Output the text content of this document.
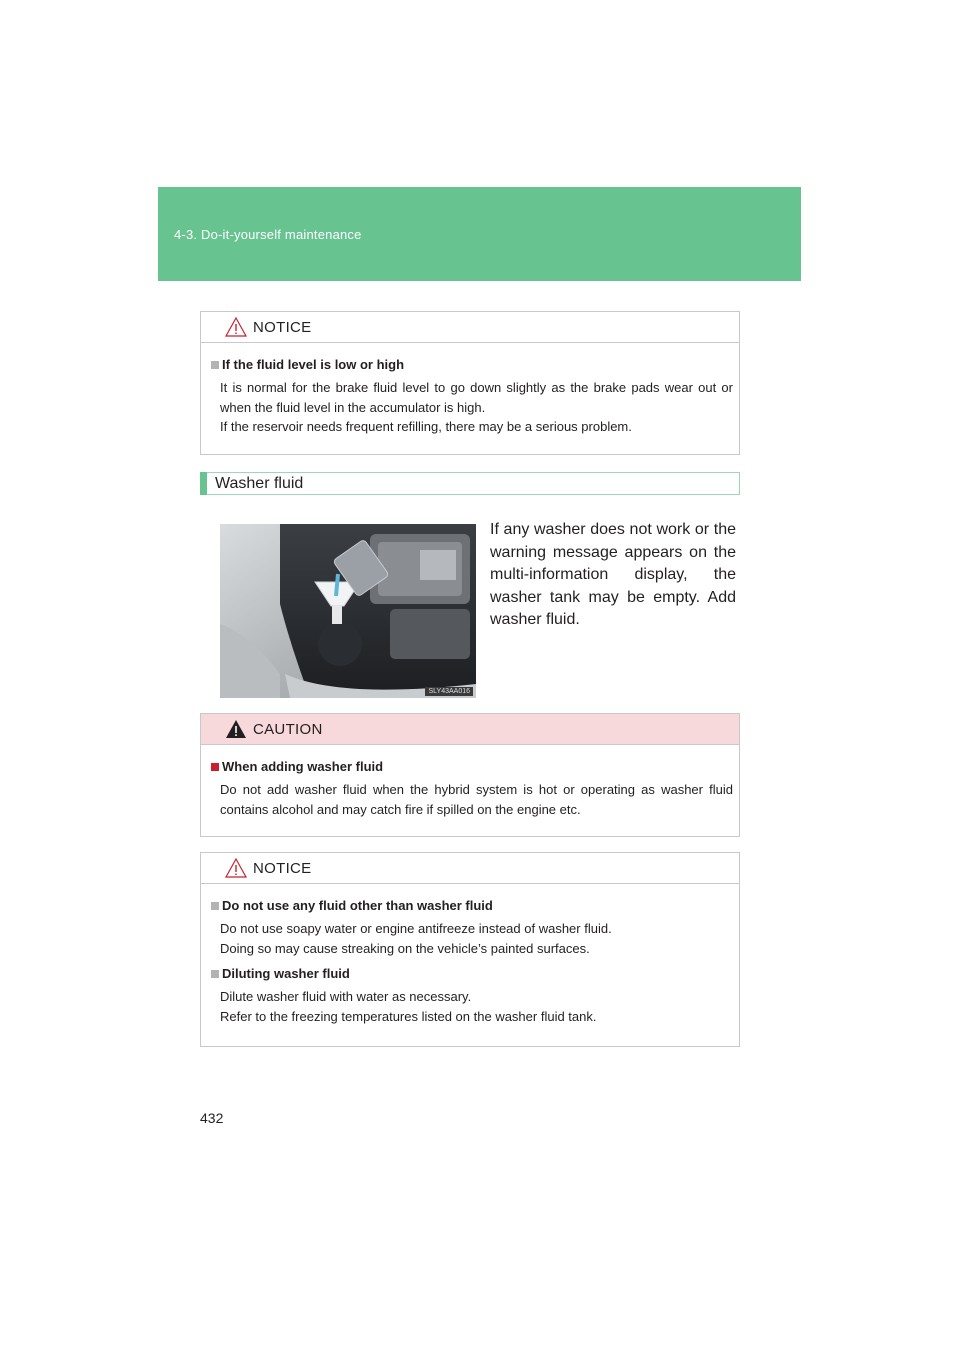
4-3. Do-it-yourself maintenance
NOTICE
If the fluid level is low or high

It is normal for the brake fluid level to go down slightly as the brake pads wear out or when the fluid level in the accumulator is high.

If the reservoir needs frequent refilling, there may be a serious problem.

Washer fluid
SLY43AA016
If any washer does not work or the warning message appears on the multi-information display, the washer tank may be empty. Add washer fluid.
CAUTION
When adding washer fluid

Do not add washer fluid when the hybrid system is hot or operating as washer fluid contains alcohol and may catch fire if spilled on the engine etc.

NOTICE
Do not use any fluid other than washer fluid

Do not use soapy water or engine antifreeze instead of washer fluid.

Doing so may cause streaking on the vehicle’s painted surfaces.

Diluting washer fluid

Dilute washer fluid with water as necessary.

Refer to the freezing temperatures listed on the washer fluid tank.

432
